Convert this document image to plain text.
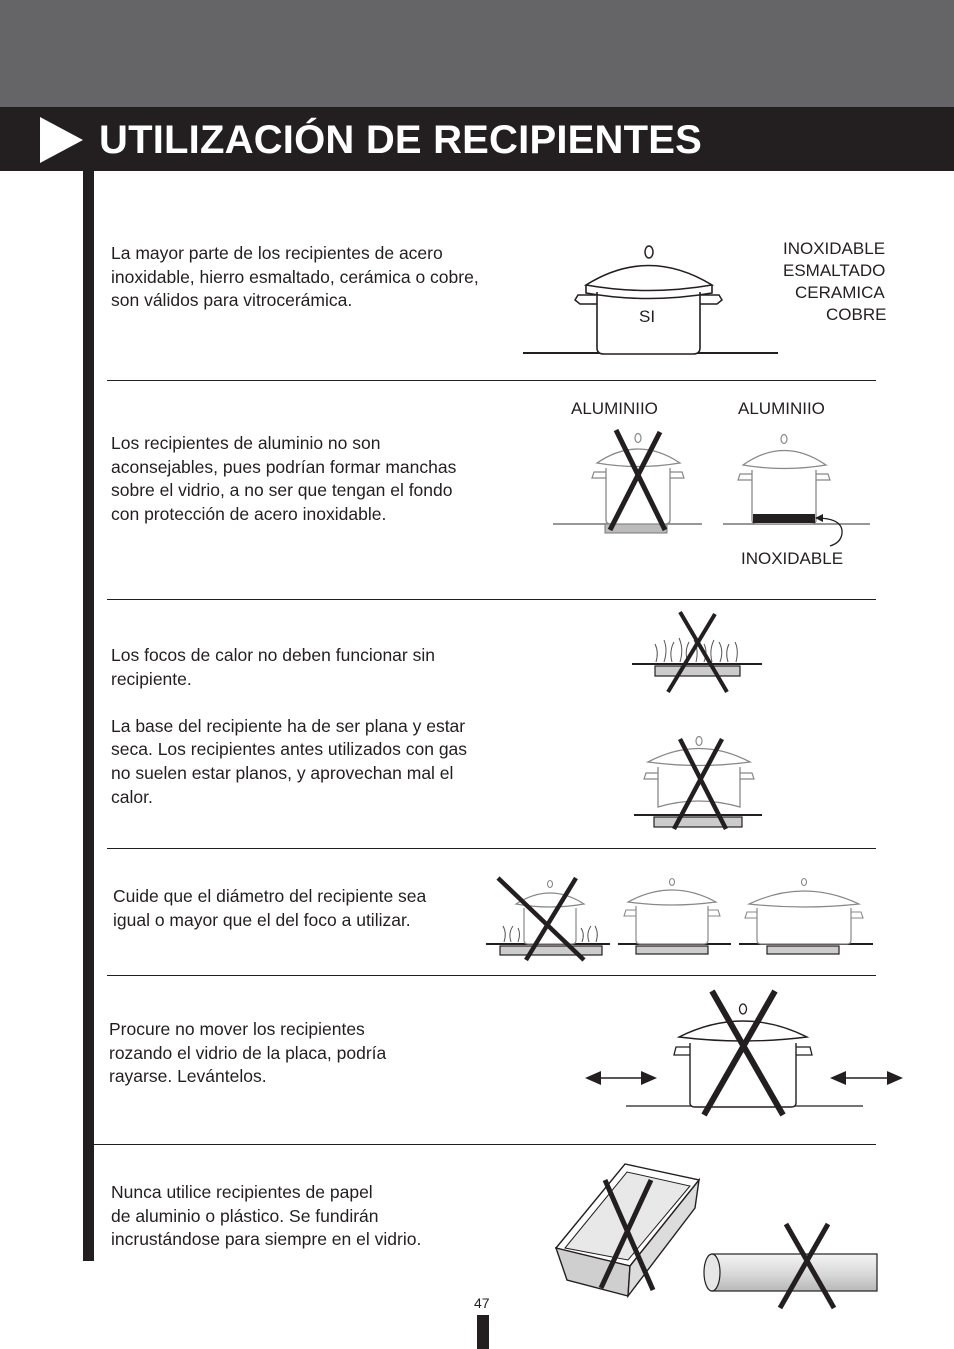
UTILIZACIÓN DE RECIPIENTES
La mayor parte de los recipientes de acero
inoxidable, hierro esmaltado, cerámica o cobre,
son válidos para vitrocerámica.
SI
INOXIDABLE
ESMALTADO
CERAMICA
COBRE
Los recipientes de aluminio no son
aconsejables, pues podrían formar manchas
sobre el vidrio, a no ser que tengan el fondo
con protección de acero inoxidable.
ALUMINIIO	ALUMINIIO
INOXIDABLE
Los focos de calor no deben funcionar sin
recipiente.

La base del recipiente ha de ser plana y estar
seca. Los recipientes antes utilizados con gas
no suelen estar planos, y aprovechan mal el
calor.
Cuide que el diámetro del recipiente sea
igual o mayor que el del foco a utilizar.
Procure no mover los recipientes
rozando el vidrio de la placa, podría
rayarse. Levántelos.
Nunca utilice recipientes de papel
de aluminio o plástico. Se fundirán
incrustándose para siempre en el vidrio.
47
